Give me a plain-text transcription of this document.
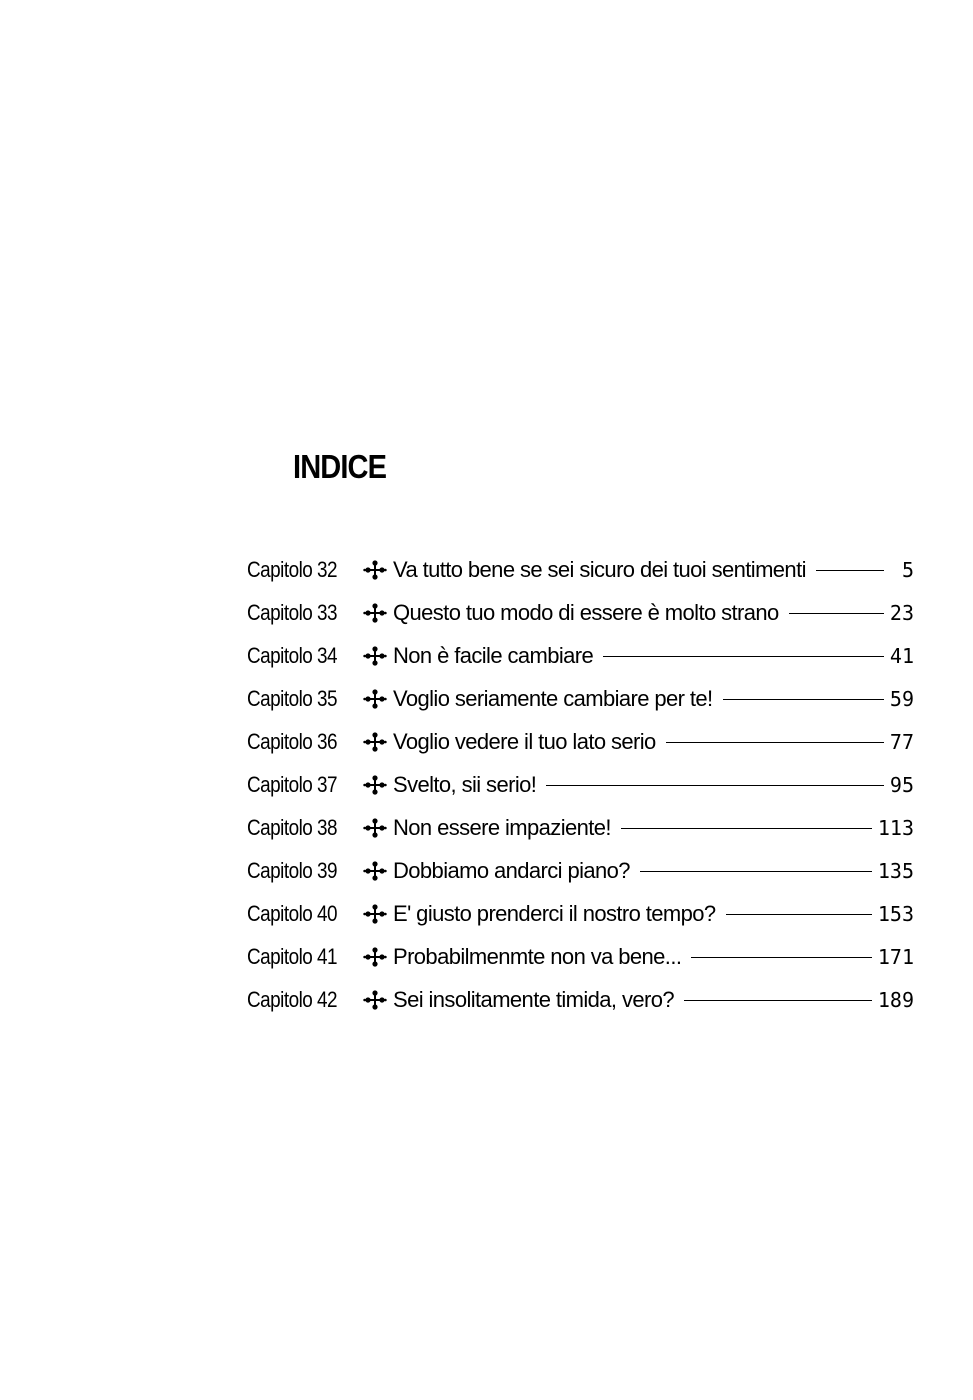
INDICE
Capitolo 32	Va tutto bene se sei sicuro dei tuoi sentimenti	5
Capitolo 33	Questo tuo modo di essere è molto strano	23
Capitolo 34	Non è facile cambiare	41
Capitolo 35	Voglio seriamente cambiare per te!	59
Capitolo 36	Voglio vedere il tuo lato serio	77
Capitolo 37	Svelto, sii serio!	95
Capitolo 38	Non essere impaziente!	113
Capitolo 39	Dobbiamo andarci piano?	135
Capitolo 40	E' giusto prenderci il nostro tempo?	153
Capitolo 41	Probabilmenmte non va bene...	171
Capitolo 42	Sei insolitamente timida, vero?	189
